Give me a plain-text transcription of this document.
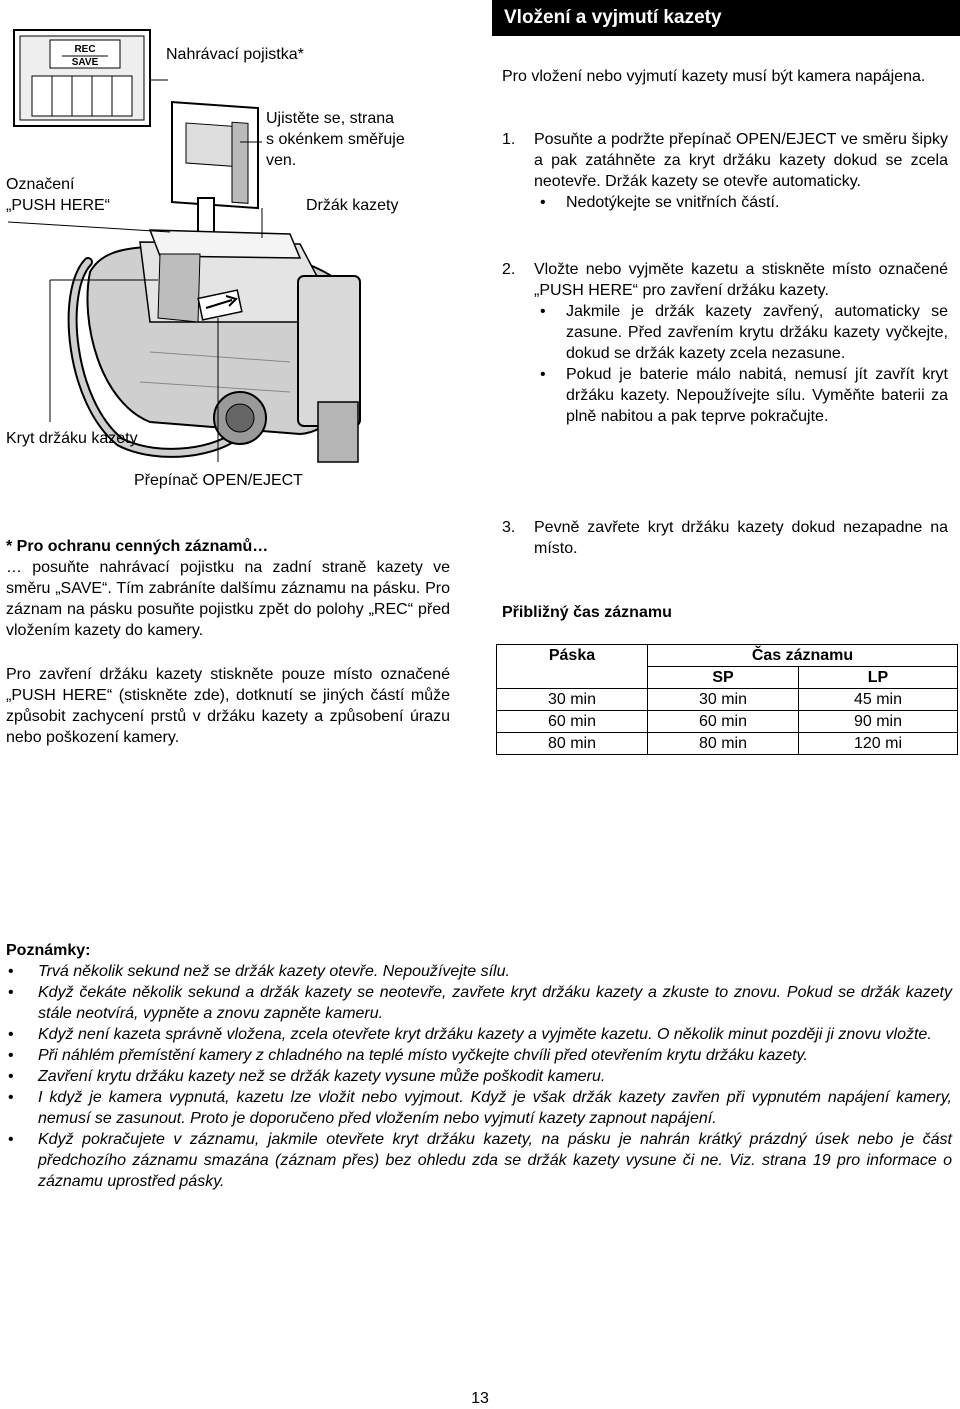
REC
SAVE	Nahrávací pojistka*
Ujistěte se, strana
s okénkem směřuje
ven.
Označení
„PUSH HERE“	Držák kazety
Kryt držáku kazety
Přepínač OPEN/EJECT
* Pro ochranu cenných záznamů…
… posuňte nahrávací pojistku na zadní straně kazety ve směru „SAVE“. Tím zabráníte dalšímu záznamu na pásku. Pro záznam na pásku posuňte pojistku zpět do polohy „REC“ před vložením kazety do kamery.
Pro zavření držáku kazety stiskněte pouze místo označené „PUSH HERE“ (stiskněte zde), dotknutí se jiných částí může způsobit zachycení prstů v držáku kazety a způsobení úrazu nebo poškození kamery.
Vložení a vyjmutí kazety
Pro vložení nebo vyjmutí kazety musí být kamera napájena.
1. Posuňte a podržte přepínač OPEN/EJECT ve směru šipky a pak zatáhněte za kryt držáku kazety dokud se zcela neotevře. Držák kazety se otevře automaticky.
• Nedotýkejte se vnitřních částí.
2. Vložte nebo vyjměte kazetu a stiskněte místo označené „PUSH HERE“ pro zavření držáku kazety.
• Jakmile je držák kazety zavřený, automaticky se zasune. Před zavřením krytu držáku kazety vyčkejte, dokud se držák kazety zcela nezasune.
• Pokud je baterie málo nabitá, nemusí jít zavřít kryt držáku kazety. Nepoužívejte sílu. Vyměňte baterii za plně nabitou a pak teprve pokračujte.
3. Pevně zavřete kryt držáku kazety dokud nezapadne na místo.
Přibližný čas záznamu
Páska	Čas záznamu	
	SP	LP
30 min	30 min	45 min
60 min	60 min	90 min
80 min	80 min	120 mi
Poznámky:
• Trvá několik sekund než se držák kazety otevře. Nepoužívejte sílu.
• Když čekáte několik sekund a držák kazety se neotevře, zavřete kryt držáku kazety a zkuste to znovu. Pokud se držák kazety stále neotvírá, vypněte a znovu zapněte kameru.
• Když není kazeta správně vložena, zcela otevřete kryt držáku kazety a vyjměte kazetu. O několik minut později ji znovu vložte.
• Při náhlém přemístění kamery z chladného na teplé místo vyčkejte chvíli před otevřením krytu držáku kazety.
• Zavření krytu držáku kazety než se držák kazety vysune může poškodit kameru.
• I když je kamera vypnutá, kazetu lze vložit nebo vyjmout. Když je však držák kazety zavřen při vypnutém napájení kamery, nemusí se zasunout. Proto je doporučeno před vložením nebo vyjmutí kazety zapnout napájení.
• Když pokračujete v záznamu, jakmile otevřete kryt držáku kazety, na pásku je nahrán krátký prázdný úsek nebo je část předchozího záznamu smazána (záznam přes) bez ohledu zda se držák kazety vysune či ne. Viz. strana 19 pro informace o záznamu uprostřed pásky.
13
